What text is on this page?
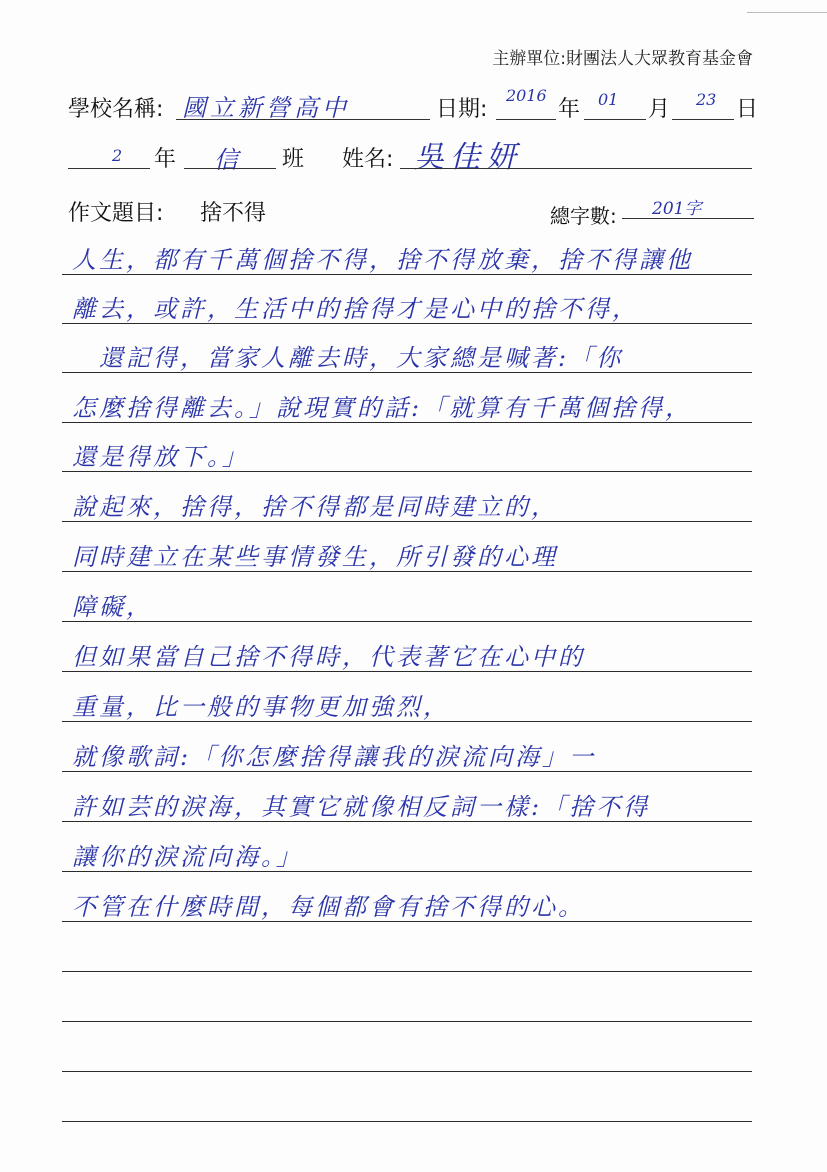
主辦單位:財團法人大眾教育基金會
學校名稱: 國立新營高中	日期:
2016
年 01 月 23 日
2 年 信 班 姓名: 吳佳妍
作文題目: 捨不得	總字數: 201字
人生，都有千萬個捨不得，捨不得放棄，捨不得讓他
離去，或許，生活中的捨得才是心中的捨不得，
　還記得，當家人離去時，大家總是喊著:「你
怎麼捨得離去。」說現實的話:「就算有千萬個捨得，
還是得放下。」
說起來，捨得，捨不得都是同時建立的，
同時建立在某些事情發生，所引發的心理
障礙，
但如果當自己捨不得時，代表著它在心中的
重量，比一般的事物更加強烈，
就像歌詞:「你怎麼捨得讓我的淚流向海」一
許如芸的淚海，其實它就像相反詞一樣:「捨不得
讓你的淚流向海。」
不管在什麼時間，每個都會有捨不得的心。
